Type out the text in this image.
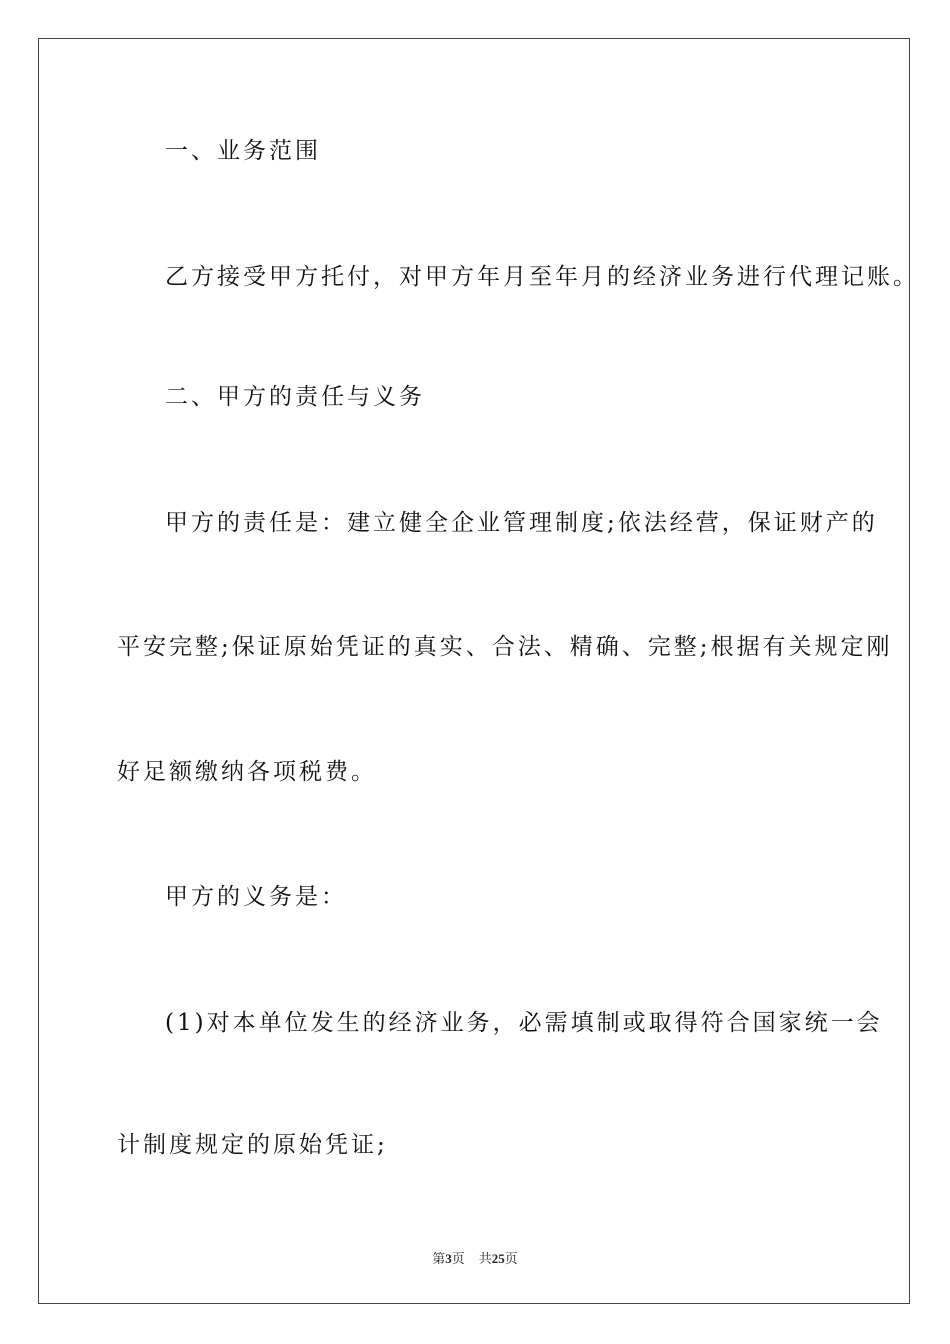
一、业务范围
乙方接受甲方托付，对甲方年月至年月的经济业务进行代理记账。
二、甲方的责任与义务
甲方的责任是：建立健全企业管理制度;依法经营，保证财产的
平安完整;保证原始凭证的真实、合法、精确、完整;根据有关规定刚
好足额缴纳各项税费。
甲方的义务是：
(1)对本单位发生的经济业务，必需填制或取得符合国家统一会
计制度规定的原始凭证;
第3页 共25页
